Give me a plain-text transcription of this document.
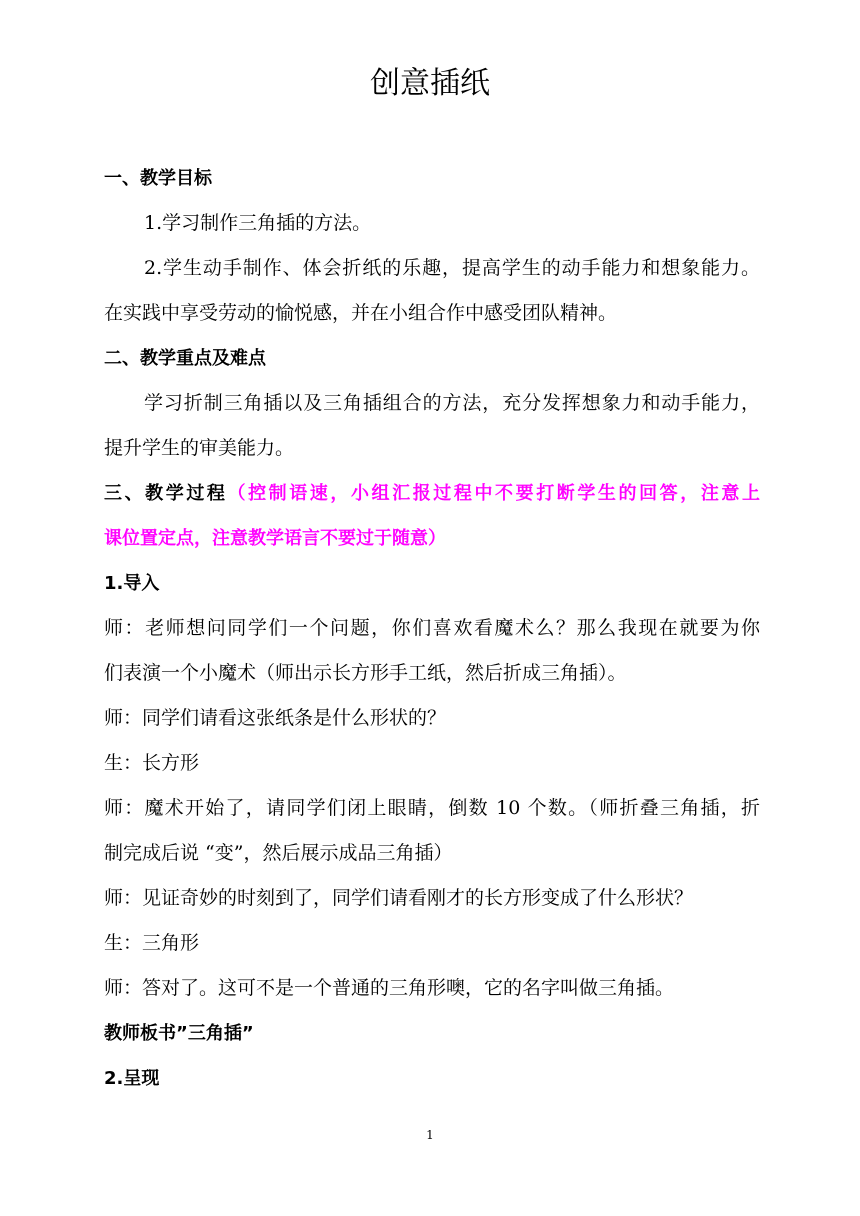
创意插纸

一、教学目标

1.学习制作三角插的方法。

2.学生动手制作、体会折纸的乐趣，提高学生的动手能力和想象能力。

在实践中享受劳动的愉悦感，并在小组合作中感受团队精神。

二、教学重点及难点

学习折制三角插以及三角插组合的方法，充分发挥想象力和动手能力，

提升学生的审美能力。

三、教学过程（控制语速，小组汇报过程中不要打断学生的回答，注意上

课位置定点，注意教学语言不要过于随意）

1.导入

师：老师想问同学们一个问题，你们喜欢看魔术么？那么我现在就要为你

们表演一个小魔术（师出示长方形手工纸，然后折成三角插）。

师：同学们请看这张纸条是什么形状的？

生：长方形

师：魔术开始了，请同学们闭上眼睛，倒数 10 个数。（师折叠三角插，折

制完成后说 “变”，然后展示成品三角插）

师：见证奇妙的时刻到了，同学们请看刚才的长方形变成了什么形状？

生：三角形

师：答对了。这可不是一个普通的三角形噢，它的名字叫做三角插。

教师板书”三角插”

2.呈现

1
